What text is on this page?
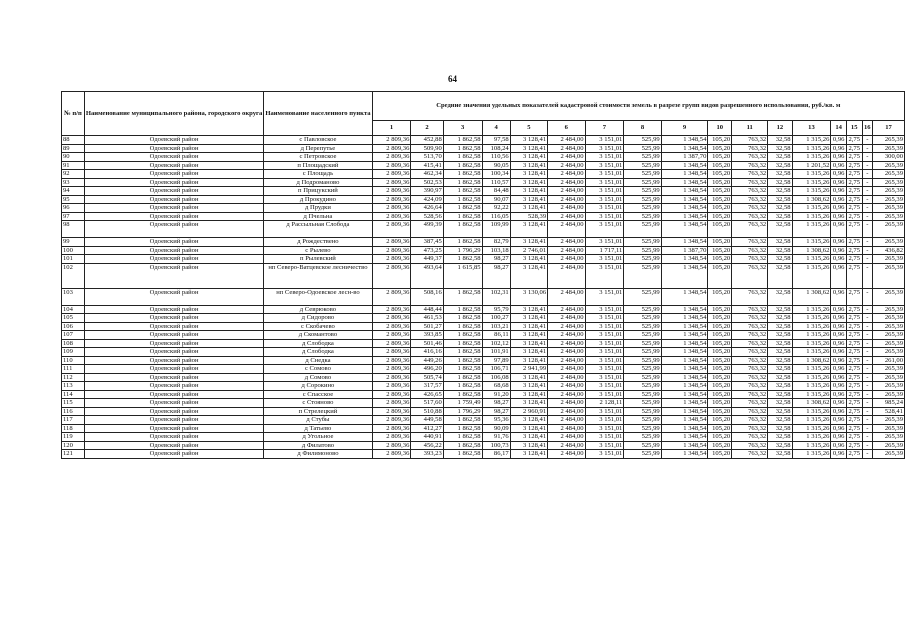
64
№ п/п	Наименование муниципального района, городского округа	Наименование населенного пункта	Средние значения удельных показателей кадастровой стоимости земель в разрезе групп видов разрешенного использования, руб./кв. м																
			1	2	3	4	5	6	7	8	9	10	11	12	13	14	15	16	17
88	Одоевский район	с Павловское	2 809,36	452,88	1 862,58	97,58	3 128,41	2 484,00	3 151,01	525,99	1 348,54	105,20	763,32	32,58	1 315,26	0,96	2,75	-	265,39
89	Одоевский район	д Перепутье	2 809,36	509,90	1 862,58	108,24	3 128,41	2 484,00	3 151,01	525,99	1 348,54	105,20	763,32	32,58	1 315,26	0,96	2,75	-	265,39
90	Одоевский район	с Петровское	2 809,36	513,70	1 862,58	110,56	3 128,41	2 484,00	3 151,01	525,99	1 387,70	105,20	763,32	32,58	1 315,26	0,96	2,75	-	300,00
91	Одоевский район	п Площадский	2 809,36	415,41	1 862,58	90,05	3 128,41	2 484,00	3 151,01	525,99	1 348,54	105,20	763,32	32,58	1 201,52	0,96	2,75	-	265,39
92	Одоевский район	с Площадь	2 809,36	462,34	1 862,58	100,34	3 128,41	2 484,00	3 151,01	525,99	1 348,54	105,20	763,32	32,58	1 315,26	0,96	2,75	-	265,39
93	Одоевский район	д Подромановo	2 809,36	502,53	1 862,58	110,57	3 128,41	2 484,00	3 151,01	525,99	1 348,54	105,20	763,32	32,58	1 315,26	0,96	2,75	-	265,39
94	Одоевский район	п Прицукский	2 809,36	390,97	1 862,58	84,48	3 128,41	2 484,00	3 151,01	525,99	1 348,54	105,20	763,32	32,58	1 315,26	0,96	2,75	-	265,39
95	Одоевский район	д Прокудино	2 809,36	424,09	1 862,58	90,07	3 128,41	2 484,00	3 151,01	525,99	1 348,54	105,20	763,32	32,58	1 308,62	0,96	2,75	-	265,39
96	Одоевский район	д Прудки	2 809,36	426,64	1 862,58	92,22	3 128,41	2 484,00	3 151,01	525,99	1 348,54	105,20	763,32	32,58	1 315,26	0,96	2,75	-	265,39
97	Одоевский район	д Пчельна	2 809,36	528,56	1 862,58	116,05	528,39	2 484,00	3 151,01	525,99	1 348,54	105,20	763,32	32,58	1 315,26	0,96	2,75	-	265,39
98	Одоевский район	д Рассыльная Слобода	2 809,36	499,39	1 862,58	109,99	3 128,41	2 484,00	3 151,01	525,99	1 348,54	105,20	763,32	32,58	1 315,26	0,96	2,75	-	265,39
99	Одоевский район	д Рождествено	2 809,36	387,45	1 862,58	82,79	3 128,41	2 484,00	3 151,01	525,99	1 348,54	105,20	763,32	32,58	1 315,26	0,96	2,75	-	265,39
100	Одоевский район	с Рылево	2 809,36	473,25	1 796,29	103,18	2 746,01	2 484,00	1 717,11	525,99	1 387,70	105,20	763,32	32,58	1 308,62	0,96	2,75	-	436,82
101	Одоевский район	п Рылевский	2 809,36	449,37	1 862,58	98,27	3 128,41	2 484,00	3 151,01	525,99	1 348,54	105,20	763,32	32,58	1 315,26	0,96	2,75	-	265,39
102	Одоевский район	нп Северо-Ватцевское лесничество	2 809,36	493,64	1 615,85	98,27	3 128,41	2 484,00	3 151,01	525,99	1 348,54	105,20	763,32	32,58	1 315,26	0,96	2,75	-	265,39
103	Одоевский район	нп Северо-Одоевское лесн-во	2 809,36	508,16	1 862,58	102,31	3 130,06	2 484,00	3 151,01	525,99	1 348,54	105,20	763,32	32,58	1 308,62	0,96	2,75	-	265,39
104	Одоевский район	д Севрюково	2 809,36	448,44	1 862,58	95,79	3 128,41	2 484,00	3 151,01	525,99	1 348,54	105,20	763,32	32,58	1 315,26	0,96	2,75	-	265,39
105	Одоевский район	д Сидорово	2 809,36	461,53	1 862,58	100,27	3 128,41	2 484,00	3 151,01	525,99	1 348,54	105,20	763,32	32,58	1 315,26	0,96	2,75	-	265,39
106	Одоевский район	с Скобачево	2 809,36	501,27	1 862,58	103,21	3 128,41	2 484,00	3 151,01	525,99	1 348,54	105,20	763,32	32,58	1 315,26	0,96	2,75	-	265,39
107	Одоевский район	д Скомантово	2 809,36	393,85	1 862,58	86,11	3 128,41	2 484,00	3 151,01	525,99	1 348,54	105,20	763,32	32,58	1 315,26	0,96	2,75	-	265,39
108	Одоевский район	д Слободка	2 809,36	501,46	1 862,58	102,12	3 128,41	2 484,00	3 151,01	525,99	1 348,54	105,20	763,32	32,58	1 315,26	0,96	2,75	-	265,39
109	Одоевский район	д Слободка	2 809,36	416,16	1 862,58	101,91	3 128,41	2 484,00	3 151,01	525,99	1 348,54	105,20	763,32	32,58	1 315,26	0,96	2,75	-	265,39
110	Одоевский район	д Снедка	2 809,36	449,26	1 862,58	97,89	3 128,41	2 484,00	3 151,01	525,99	1 348,54	105,20	763,32	32,58	1 308,62	0,96	2,75	-	261,00
111	Одоевский район	с Сомово	2 809,36	496,20	1 862,58	106,71	2 941,99	2 484,00	3 151,01	525,99	1 348,54	105,20	763,32	32,58	1 315,26	0,96	2,75	-	265,39
112	Одоевский район	д Сомово	2 809,36	505,74	1 862,58	106,08	3 128,41	2 484,00	3 151,01	525,99	1 348,54	105,20	763,32	32,58	1 315,26	0,96	2,75	-	265,39
113	Одоевский район	д Сорокино	2 809,36	317,57	1 862,58	68,68	3 128,41	2 484,00	3 151,01	525,99	1 348,54	105,20	763,32	32,58	1 315,26	0,96	2,75	-	265,39
114	Одоевский район	с Спасское	2 809,36	426,65	1 862,58	91,20	3 128,41	2 484,00	3 151,01	525,99	1 348,54	105,20	763,32	32,58	1 315,26	0,96	2,75	-	265,39
115	Одоевский район	с Стояново	2 809,36	517,60	1 759,49	98,27	3 128,41	2 484,00	2 128,11	525,99	1 348,54	105,20	763,32	32,58	1 308,62	0,96	2,75	-	985,24
116	Одоевский район	п Стрелецкий	2 809,36	510,88	1 796,29	98,27	2 960,91	2 484,00	3 151,01	525,99	1 348,54	105,20	763,32	32,58	1 315,26	0,96	2,75	-	528,41
117	Одоевский район	д Стубы	2 809,36	449,58	1 862,58	95,36	3 128,41	2 484,00	3 151,01	525,99	1 348,54	105,20	763,32	32,58	1 315,26	0,96	2,75	-	265,39
118	Одоевский район	д Татьево	2 809,36	412,27	1 862,58	90,09	3 128,41	2 484,00	3 151,01	525,99	1 348,54	105,20	763,32	32,58	1 315,26	0,96	2,75	-	265,39
119	Одоевский район	д Угольное	2 809,36	440,91	1 862,58	91,76	3 128,41	2 484,00	3 151,01	525,99	1 348,54	105,20	763,32	32,58	1 315,26	0,96	2,75	-	265,39
120	Одоевский район	д Филатово	2 809,36	456,22	1 862,58	100,73	3 128,41	2 484,00	3 151,01	525,99	1 348,54	105,20	763,32	32,58	1 315,26	0,96	2,75	-	265,39
121	Одоевский район	д Филимоново	2 809,36	393,23	1 862,58	86,17	3 128,41	2 484,00	3 151,01	525,99	1 348,54	105,20	763,32	32,58	1 315,26	0,96	2,75	-	265,39
